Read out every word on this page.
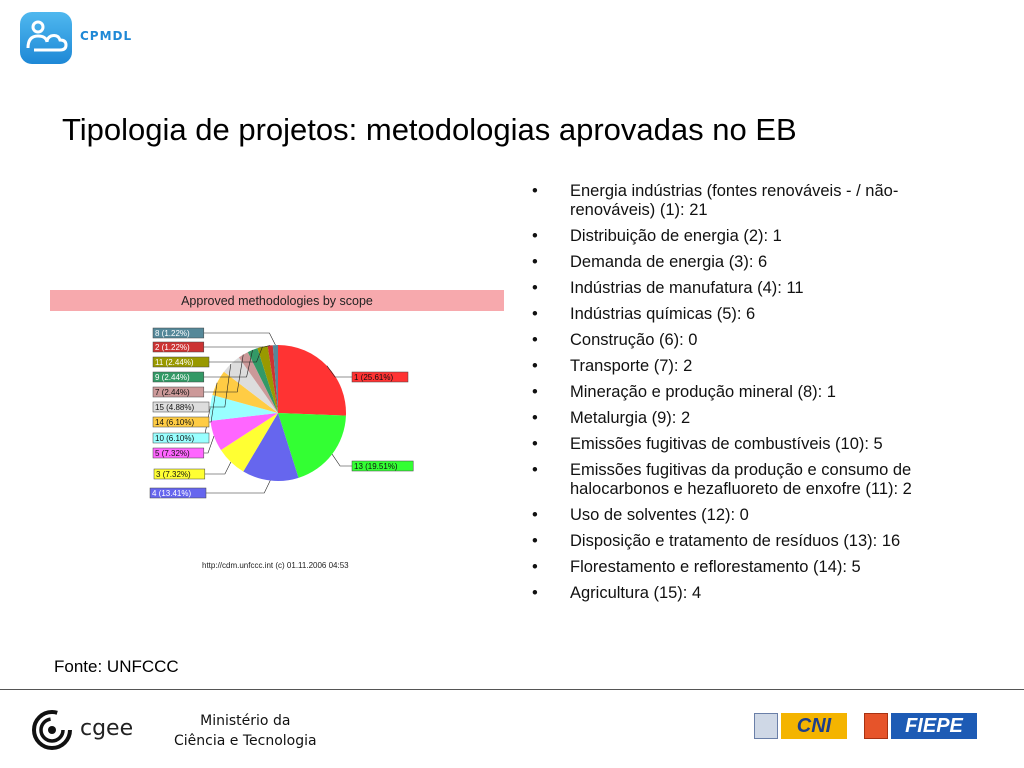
CPMDL
Tipologia de projetos: metodologias aprovadas no EB
Approved methodologies by scope
1 (25.61%)
13 (19.51%)
4 (13.41%)
3 (7.32%)
5 (7.32%)
10 (6.10%)
14 (6.10%)
15 (4.88%)
7 (2.44%)
9 (2.44%)
11 (2.44%)
2 (1.22%)
8 (1.22%)
http://cdm.unfccc.int (c) 01.11.2006 04:53
• Energia indústrias (fontes renováveis - / não- renováveis) (1): 21
• Distribuição de energia (2): 1
• Demanda de energia (3): 6
• Indústrias de manufatura (4): 11
• Indústrias químicas (5): 6
• Construção (6): 0
• Transporte (7): 2
• Mineração e produção mineral (8): 1
• Metalurgia (9): 2
• Emissões fugitivas de combustíveis (10): 5
• Emissões fugitivas da produção e consumo de halocarbonos e hezafluoreto de enxofre (11): 2
• Uso de solventes (12): 0
• Disposição e tratamento de resíduos (13): 16
• Florestamento e reflorestamento (14): 5
• Agricultura (15): 4
Fonte: UNFCCC
cgee	Ministério da
Ciência e Tecnologia
CNI	FIEPE
